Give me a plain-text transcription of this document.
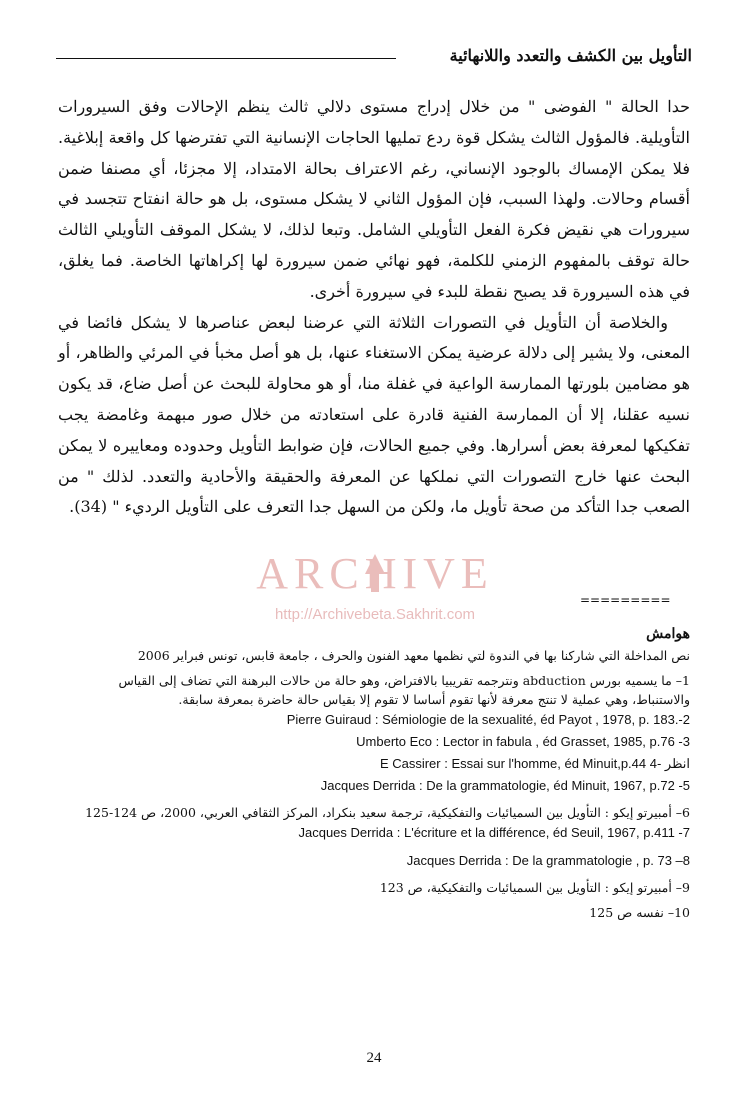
التأويل بين الكشف والتعدد واللانهائية

حدا الحالة " الفوضى " من خلال إدراج مستوى دلالي ثالث ينظم الإحالات وفق السيرورات التأويلية. فالمؤول الثالث يشكل قوة ردع تمليها الحاجات الإنسانية التي تفترضها كل واقعة إبلاغية. فلا يمكن الإمساك بالوجود الإنساني، رغم الاعتراف بحالة الامتداد، إلا مجزئا، أي مصنفا ضمن أقسام وحالات. ولهذا السبب، فإن المؤول الثاني لا يشكل مستوى، بل هو حالة انفتاح تتجسد في سيرورات هي نقيض فكرة الفعل التأويلي الشامل. وتبعا لذلك، لا يشكل الموقف التأويلي الثالث حالة توقف بالمفهوم الزمني للكلمة، فهو نهائي ضمن سيرورة لها إكراهاتها الخاصة. فما يغلق، في هذه السيرورة قد يصبح نقطة للبدء في سيرورة أخرى.

والخلاصة أن التأويل في التصورات الثلاثة التي عرضنا لبعض عناصرها لا يشكل فائضا في المعنى، ولا يشير إلى دلالة عرضية يمكن الاستغناء عنها، بل هو أصل مخبأ في المرئي والظاهر، أو هو مضامين بلورتها الممارسة الواعية في غفلة منا، أو هو محاولة للبحث عن أصل ضاع، قد يكون نسيه عقلنا، إلا أن الممارسة الفنية قادرة على استعادته من خلال صور مبهمة وغامضة يجب تفكيكها لمعرفة بعض أسرارها. وفي جميع الحالات، فإن ضوابط التأويل وحدوده ومعاييره لا يمكن البحث عنها خارج التصورات التي نملكها عن المعرفة والحقيقة والأحادية والتعدد. لذلك " من الصعب جدا التأكد من صحة تأويل ما، ولكن من السهل جدا التعرف على التأويل الرديء " (34).

=========

هوامش

نص المداخلة التي شاركنا بها في الندوة لتي نظمها معهد الفنون والحرف ، جامعة قابس، تونس فبراير 2006

1– ما يسميه بورس abduction ونترجمه تقريبيا بالافتراض، وهو حالة من حالات البرهنة التي تضاف إلى القياس والاستنباط، وهي عملية لا تنتج معرفة لأنها تقوم أساسا لا تقوم إلا بقياس حالة حاضرة بمعرفة سابقة.

Pierre Guiraud : Sémiologie de la sexualité, éd Payot , 1978, p. 183.-2

Umberto Eco : Lector in fabula , éd Grasset, 1985, p.76 -3

E Cassirer : Essai sur l'homme, éd Minuit,p.44 انظر -4

Jacques Derrida : De la grammatologie, éd Minuit, 1967, p.72 -5

6– أمبيرتو إيكو : التأويل بين السميائيات والتفكيكية، ترجمة سعيد بنكراد، المركز الثقافي العربي، 2000، ص 124-125

Jacques Derrida : L'écriture et la différence, éd Seuil, 1967, p.411 -7

Jacques Derrida : De la grammatologie , p. 73 –8

9– أمبيرتو إيكو : التأويل بين السميائيات والتفكيكية، ص 123

10– نفسه ص 125

ARCHIVE
http://Archivebeta.Sakhrit.com
24
